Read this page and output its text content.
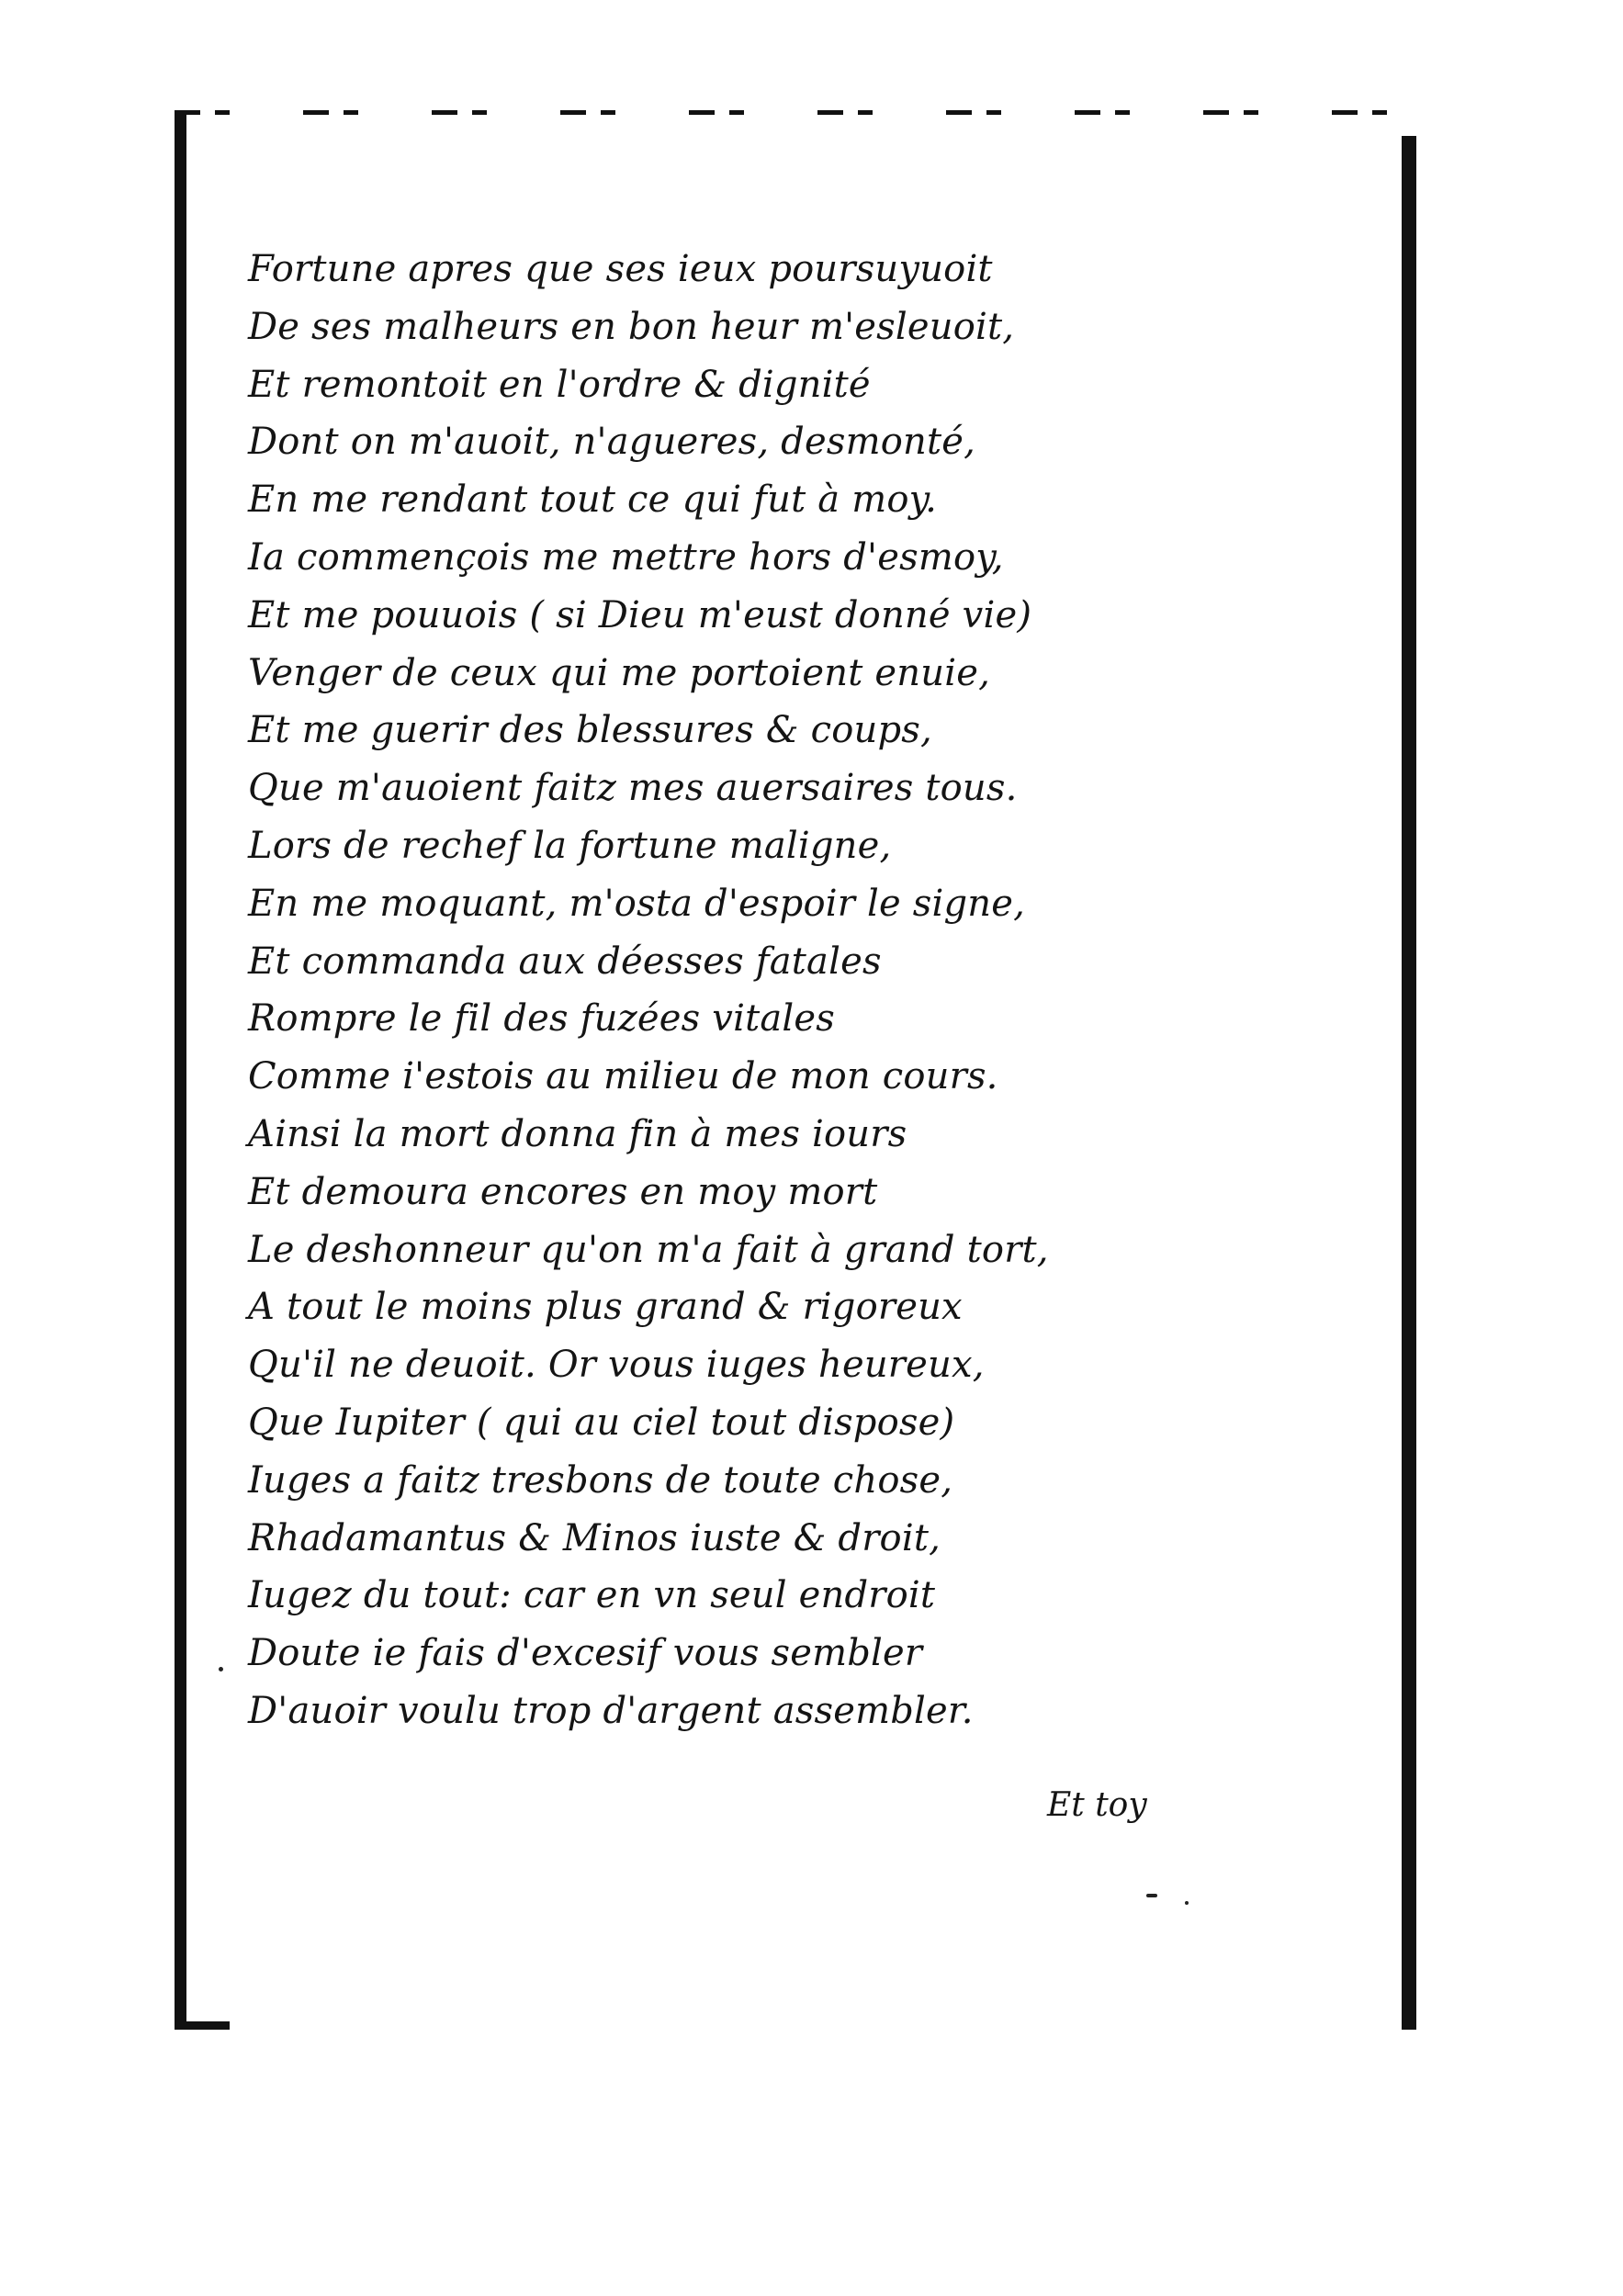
Fortune apres que ses ieux poursuyuoit
De ses malheurs en bon heur m'esleuoit,
Et remontoit en l'ordre & dignité
Dont on m'auoit, n'agueres, desmonté,
En me rendant tout ce qui fut à moy.
Ia commençois me mettre hors d'esmoy,
Et me pouuois ( si Dieu m'eust donné vie)
Venger de ceux qui me portoient enuie,
Et me guerir des blessures & coups,
Que m'auoient faitz mes auersaires tous.
Lors de rechef la fortune maligne,
En me moquant, m'osta d'espoir le signe,
Et commanda aux déesses fatales
Rompre le fil des fuzées vitales
Comme i'estois au milieu de mon cours.
Ainsi la mort donna fin à mes iours
Et demoura encores en moy mort
Le deshonneur qu'on m'a fait à grand tort,
A tout le moins plus grand & rigoreux
Qu'il ne deuoit. Or vous iuges heureux,
Que Iupiter ( qui au ciel tout dispose)
Iuges a faitz tresbons de toute chose,
Rhadamantus & Minos iuste & droit,
Iugez du tout: car en vn seul endroit
Doute ie fais d'excesif vous sembler
D'auoir voulu trop d'argent assembler.
Et toy
